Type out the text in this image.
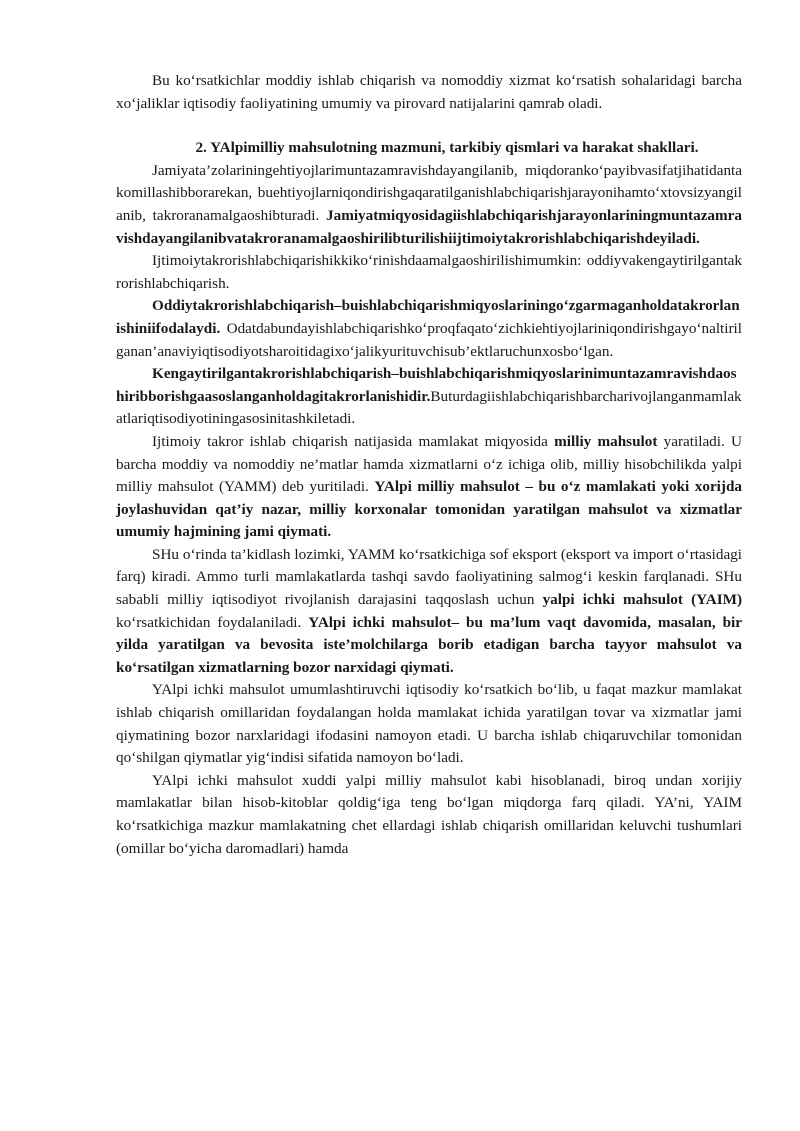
Bu ko‘rsatkichlar moddiy ishlab chiqarish va nomoddiy xizmat ko‘rsatish sohalaridagi barcha xo‘jaliklar iqtisodiy faoliyatining umumiy va pirovard natijalarini qamrab oladi.

2. YAlpimilliy mahsulotning mazmuni, tarkibiy qismlari va harakat shakllari.

Jamiyata’zolariningehtiyojlarimuntazamravishdayangilanib, miqdoranko‘payibvasifatjihatidantakomillashibborarekan, buehtiyojlarniqondirishgaqaratilganishlabchiqarishjarayonihamto‘xtovsizyangilanib, takroranamalgaoshibturadi. Jamiyatmiqyosidagiishlabchiqarishjarayonlariningmuntazamravishdayangilanibvatakroranamalgaoshirilibturilishiijtimoiytakrorishlabchiqarishdeyiladi.

Ijtimoiytakrorishlabchiqarishikkiko‘rinishdaamalgaoshirilishimumkin: oddiyvakengaytirilgantakrorishlabchiqarish.

Oddiytakrorishlabchiqarish–buishlabchiqarishmiqyoslariningo‘zgarmaganholdatakrorlanishiniifodalaydi. Odatdabundayishlabchiqarishko‘proqfaqato‘zichkiehtiyojlariniqondirishgayo‘naltirilganan’anaviyiqtisodiyotsharoitidagixo‘jalikyurituvchisub’ektlaruchunxosbo‘lgan.

Kengaytirilgantakrorishlabchiqarish–buishlabchiqarishmiqyoslarinimuntazamravishdaoshiribborishgaasoslanganholdagitakrorlanishidir.Buturdagiishlabchiqarishbarcharivojlanganmamlakatlariqtisodiyotiningasosinitashkiletadi.

Ijtimoiy takror ishlab chiqarish natijasida mamlakat miqyosida milliy mahsulot yaratiladi. U barcha moddiy va nomoddiy ne’matlar hamda xizmatlarni o‘z ichiga olib, milliy hisobchilikda yalpi milliy mahsulot (YAMM) deb yuritiladi. YAlpi milliy mahsulot – bu o‘z mamlakati yoki xorijda joylashuvidan qat’iy nazar, milliy korxonalar tomonidan yaratilgan mahsulot va xizmatlar umumiy hajmining jami qiymati.

SHu o‘rinda ta’kidlash lozimki, YAMM ko‘rsatkichiga sof eksport (eksport va import o‘rtasidagi farq) kiradi. Ammo turli mamlakatlarda tashqi savdo faoliyatining salmog‘i keskin farqlanadi. SHu sababli milliy iqtisodiyot rivojlanish darajasini taqqoslash uchun yalpi ichki mahsulot (YAIM) ko‘rsatkichidan foydalaniladi. YAlpi ichki mahsulot– bu ma’lum vaqt davomida, masalan, bir yilda yaratilgan va bevosita iste’molchilarga borib etadigan barcha tayyor mahsulot va ko‘rsatilgan xizmatlarning bozor narxidagi qiymati.

YAlpi ichki mahsulot umumlashtiruvchi iqtisodiy ko‘rsatkich bo‘lib, u faqat mazkur mamlakat ishlab chiqarish omillaridan foydalangan holda mamlakat ichida yaratilgan tovar va xizmatlar jami qiymatining bozor narxlaridagi ifodasini namoyon etadi. U barcha ishlab chiqaruvchilar tomonidan qo‘shilgan qiymatlar yig‘indisi sifatida namoyon bo‘ladi.

YAlpi ichki mahsulot xuddi yalpi milliy mahsulot kabi hisoblanadi, biroq undan xorijiy mamlakatlar bilan hisob-kitoblar qoldig‘iga teng bo‘lgan miqdorga farq qiladi. YA’ni, YAIM ko‘rsatkichiga mazkur mamlakatning chet ellardagi ishlab chiqarish omillaridan keluvchi tushumlari (omillar bo‘yicha daromadlari) hamda
